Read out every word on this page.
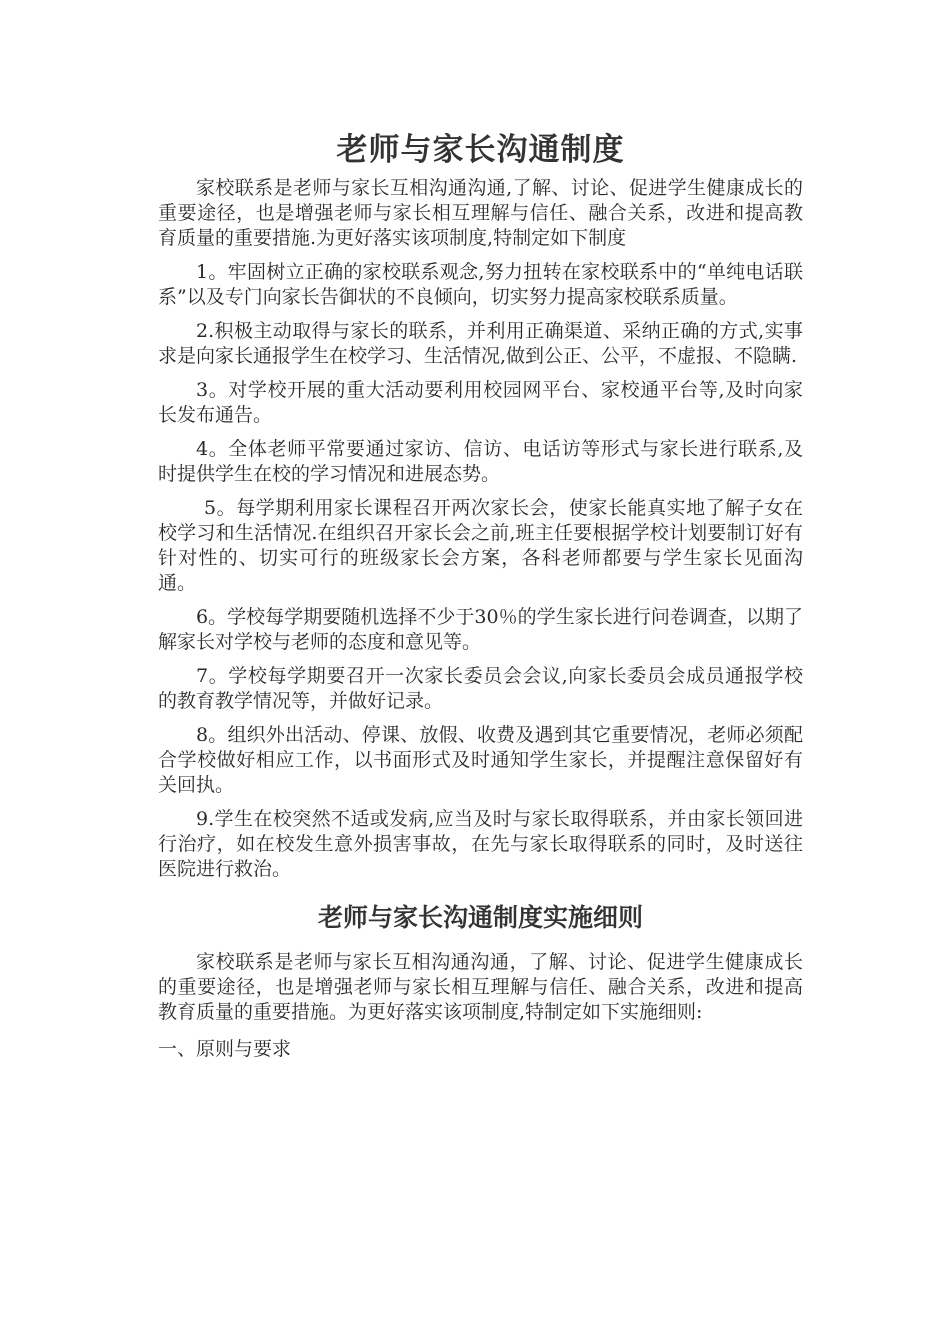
老师与家长沟通制度

家校联系是老师与家长互相沟通沟通,了解、讨论、促进学生健康成长的重要途径，也是增强老师与家长相互理解与信任、融合关系，改进和提高教育质量的重要措施.为更好落实该项制度,特制定如下制度

1。牢固树立正确的家校联系观念,努力扭转在家校联系中的“单纯电话联系”以及专门向家长告御状的不良倾向，切实努力提高家校联系质量。

2.积极主动取得与家长的联系，并利用正确渠道、采纳正确的方式,实事求是向家长通报学生在校学习、生活情况,做到公正、公平，不虚报、不隐瞒.

3。对学校开展的重大活动要利用校园网平台、家校通平台等,及时向家长发布通告。

4。全体老师平常要通过家访、信访、电话访等形式与家长进行联系,及时提供学生在校的学习情况和进展态势。

5。每学期利用家长课程召开两次家长会，使家长能真实地了解子女在校学习和生活情况.在组织召开家长会之前,班主任要根据学校计划要制订好有针对性的、切实可行的班级家长会方案，各科老师都要与学生家长见面沟通。

6。学校每学期要随机选择不少于30％的学生家长进行问卷调查，以期了解家长对学校与老师的态度和意见等。

7。学校每学期要召开一次家长委员会会议,向家长委员会成员通报学校的教育教学情况等，并做好记录。

8。组织外出活动、停课、放假、收费及遇到其它重要情况，老师必须配合学校做好相应工作，以书面形式及时通知学生家长，并提醒注意保留好有关回执。

9.学生在校突然不适或发病,应当及时与家长取得联系，并由家长领回进行治疗，如在校发生意外损害事故，在先与家长取得联系的同时，及时送往医院进行救治。

老师与家长沟通制度实施细则

家校联系是老师与家长互相沟通沟通，了解、讨论、促进学生健康成长的重要途径，也是增强老师与家长相互理解与信任、融合关系，改进和提高教育质量的重要措施。为更好落实该项制度,特制定如下实施细则:

一、原则与要求
